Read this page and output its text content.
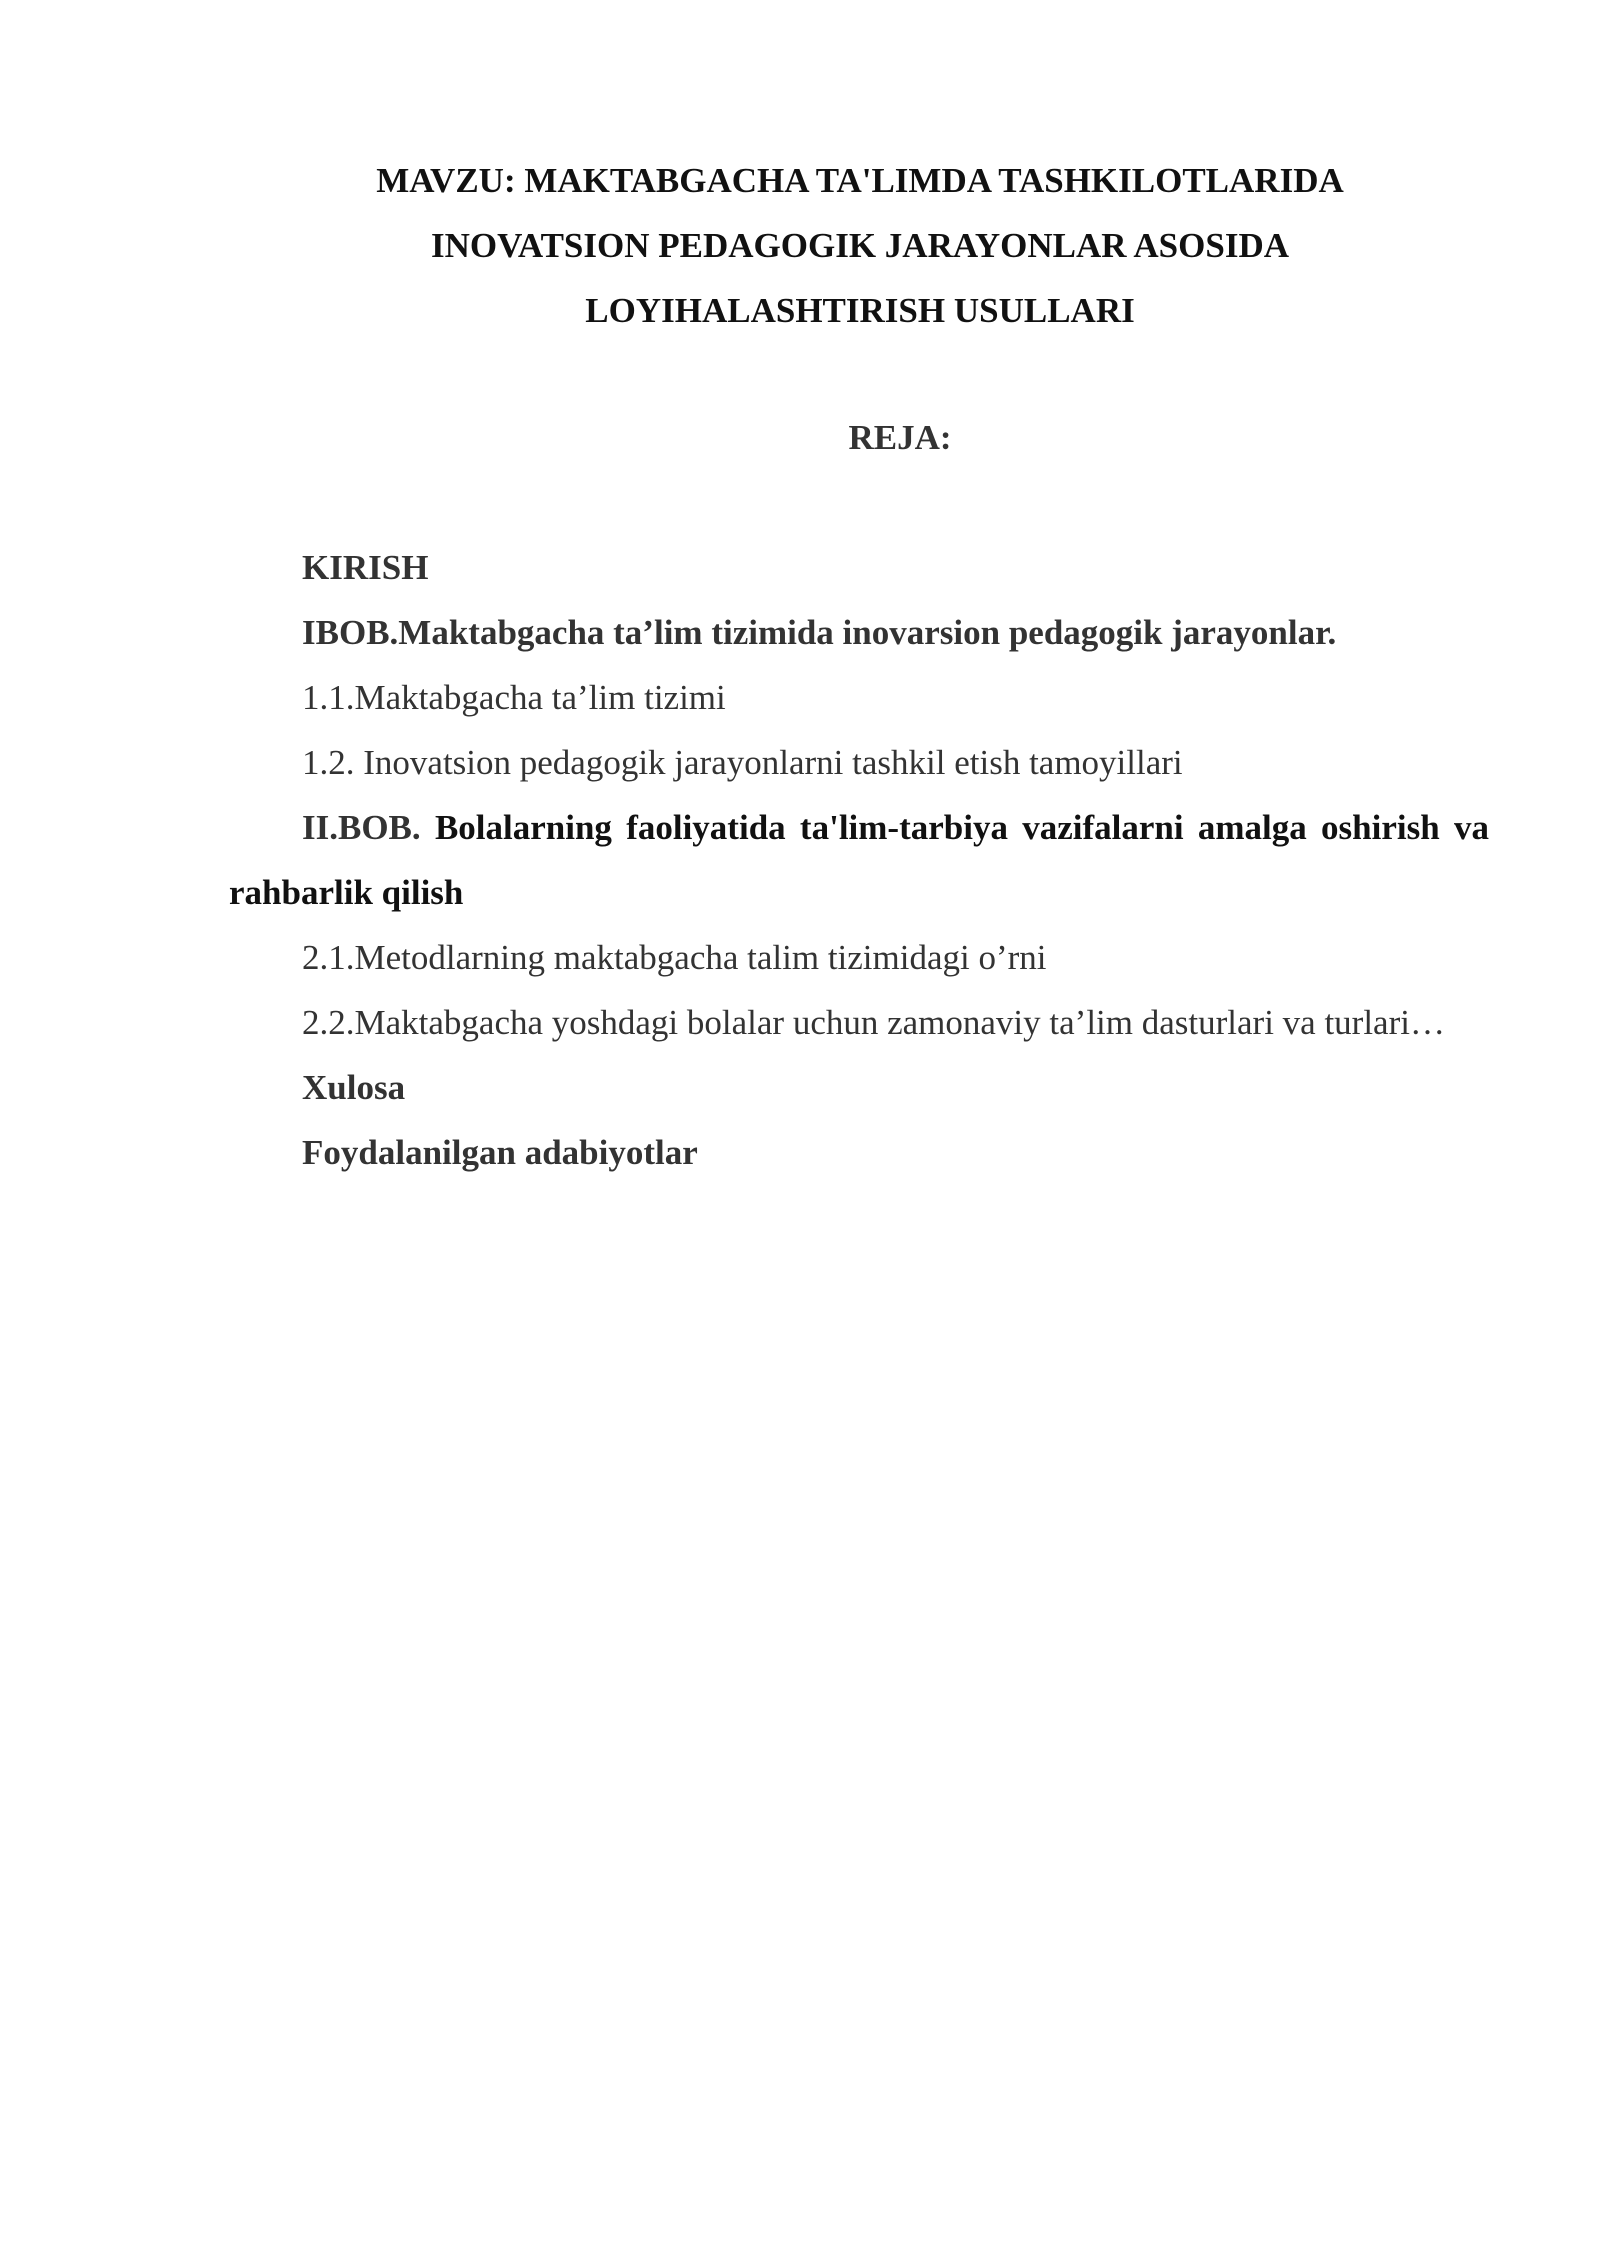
MAVZU: MAKTABGACHA TA'LIMDA TASHKILOTLARIDA
INOVATSION PEDAGOGIK JARAYONLAR ASOSIDA
LOYIHALASHTIRISH USULLARI
REJA:
KIRISH
IBOB.Maktabgacha ta’lim tizimida inovarsion pedagogik jarayonlar.
1.1.Maktabgacha ta’lim tizimi
1.2. Inovatsion pedagogik jarayonlarni tashkil etish tamoyillari
II.BOB. Bolalarning faoliyatida ta'lim-tarbiya vazifalarni amalga oshirish va rahbarlik qilish
2.1.Metodlarning maktabgacha talim tizimidagi o’rni
2.2.Maktabgacha yoshdagi bolalar uchun zamonaviy ta’lim dasturlari va turlari…
Xulosa
Foydalanilgan adabiyotlar
